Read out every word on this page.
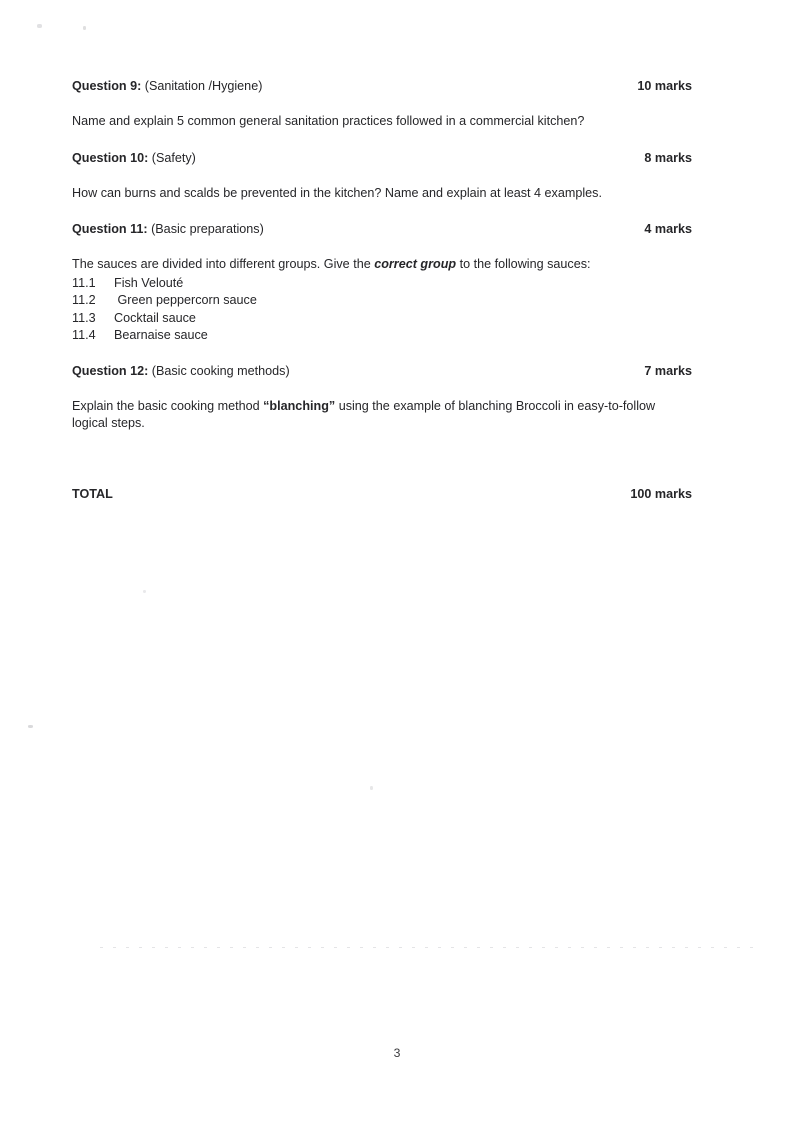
Question 9: (Sanitation /Hygiene)	10 marks
Name and explain 5 common general sanitation practices followed in a commercial kitchen?
Question 10: (Safety)	8 marks
How can burns and scalds be prevented in the kitchen? Name and explain at least 4 examples.
Question 11: (Basic preparations)	4 marks
The sauces are divided into different groups. Give the correct group to the following sauces:
11.1	Fish Velouté
11.2	Green peppercorn sauce
11.3	Cocktail sauce
11.4	Bearnaise sauce
Question 12: (Basic cooking methods)	7 marks
Explain the basic cooking method “blanching” using the example of blanching Broccoli in easy-to-follow logical steps.
TOTAL	100 marks
3
